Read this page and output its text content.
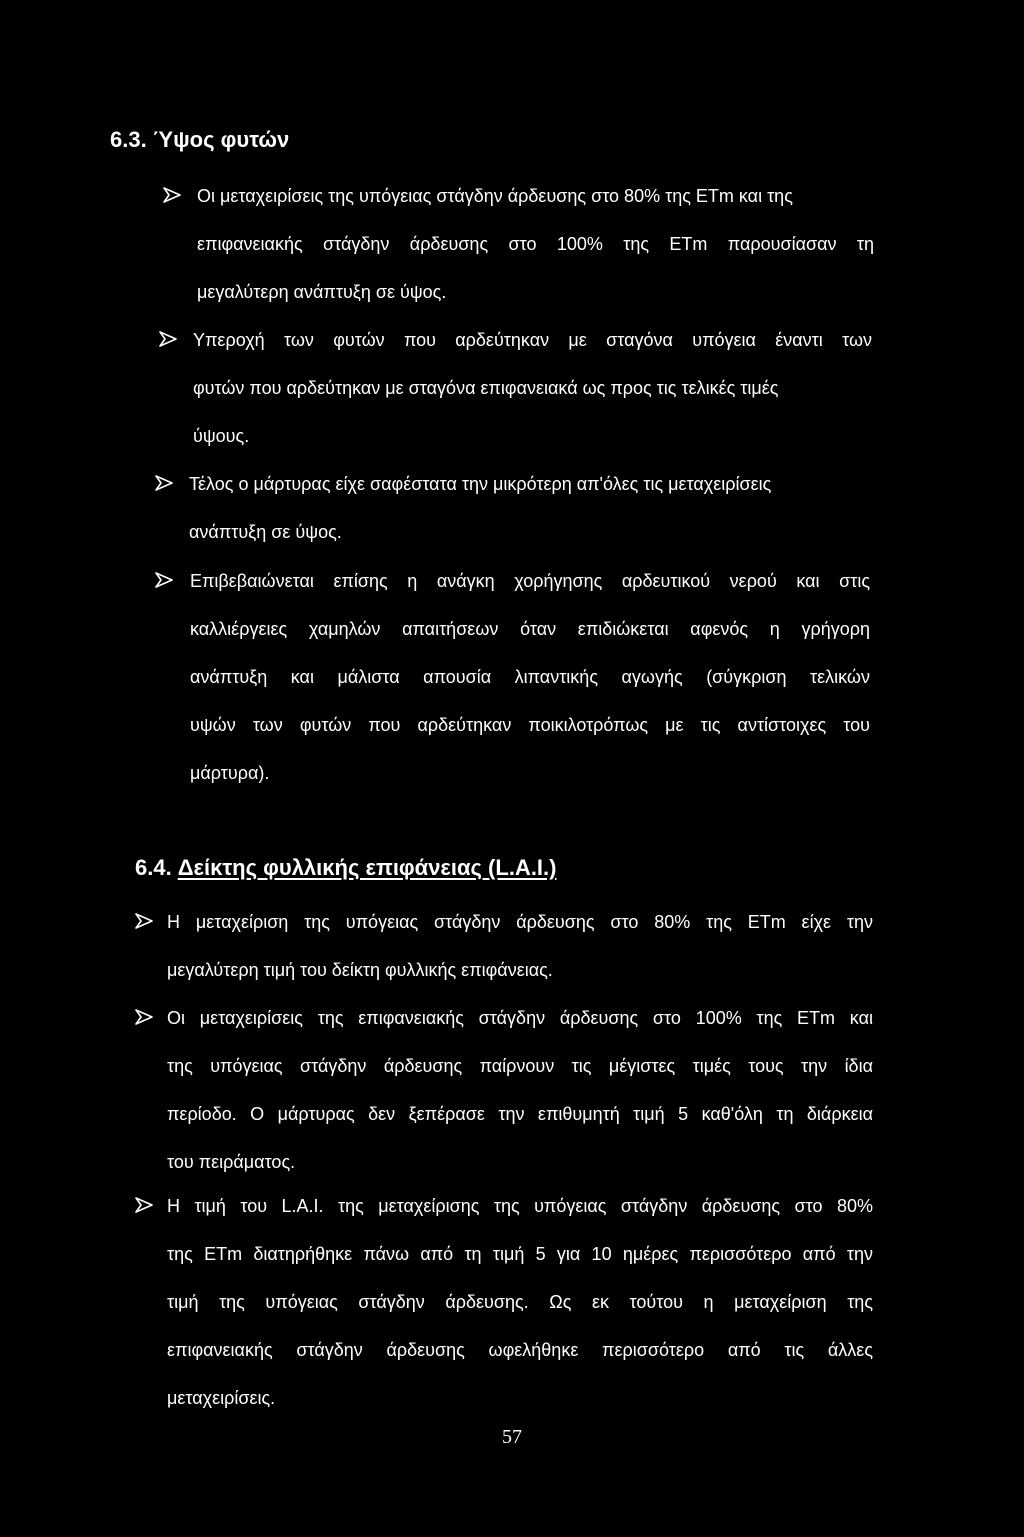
6.3. Ύψος φυτών
Οι μεταχειρίσεις της υπόγειας στάγδην άρδευσης στο 80% της ETm και της
επιφανειακής στάγδην άρδευσης στο 100% της ETm παρουσίασαν τη
μεγαλύτερη ανάπτυξη σε ύψος.
Υπεροχή των φυτών που αρδεύτηκαν με σταγόνα υπόγεια έναντι των
φυτών που αρδεύτηκαν με σταγόνα επιφανειακά ως προς τις τελικές τιμές
ύψους.
Τέλος ο μάρτυρας είχε σαφέστατα την μικρότερη απ'όλες τις μεταχειρίσεις
ανάπτυξη σε ύψος.
Επιβεβαιώνεται επίσης η ανάγκη χορήγησης αρδευτικού νερού και στις
καλλιέργειες χαμηλών απαιτήσεων όταν επιδιώκεται αφενός η γρήγορη
ανάπτυξη και μάλιστα απουσία λιπαντικής αγωγής (σύγκριση τελικών
υψών των φυτών που αρδεύτηκαν ποικιλοτρόπως με τις αντίστοιχες του
μάρτυρα).
6.4. Δείκτης φυλλικής επιφάνειας (L.A.I.)
Η μεταχείριση της υπόγειας στάγδην άρδευσης στο 80% της ETm είχε την
μεγαλύτερη τιμή του δείκτη φυλλικής επιφάνειας.
Οι μεταχειρίσεις της επιφανειακής στάγδην άρδευσης στο 100% της ETm και
της υπόγειας στάγδην άρδευσης παίρνουν τις μέγιστες τιμές τους την ίδια
περίοδο. Ο μάρτυρας δεν ξεπέρασε την επιθυμητή τιμή 5 καθ'όλη τη διάρκεια
του πειράματος.
Η τιμή του L.A.I. της μεταχείρισης της υπόγειας στάγδην άρδευσης στο 80%
της ETm διατηρήθηκε πάνω από τη τιμή 5 για 10 ημέρες περισσότερο από την
τιμή της υπόγειας στάγδην άρδευσης. Ως εκ τούτου η μεταχείριση της
επιφανειακής στάγδην άρδευσης ωφελήθηκε περισσότερο από τις άλλες
μεταχειρίσεις.
57
